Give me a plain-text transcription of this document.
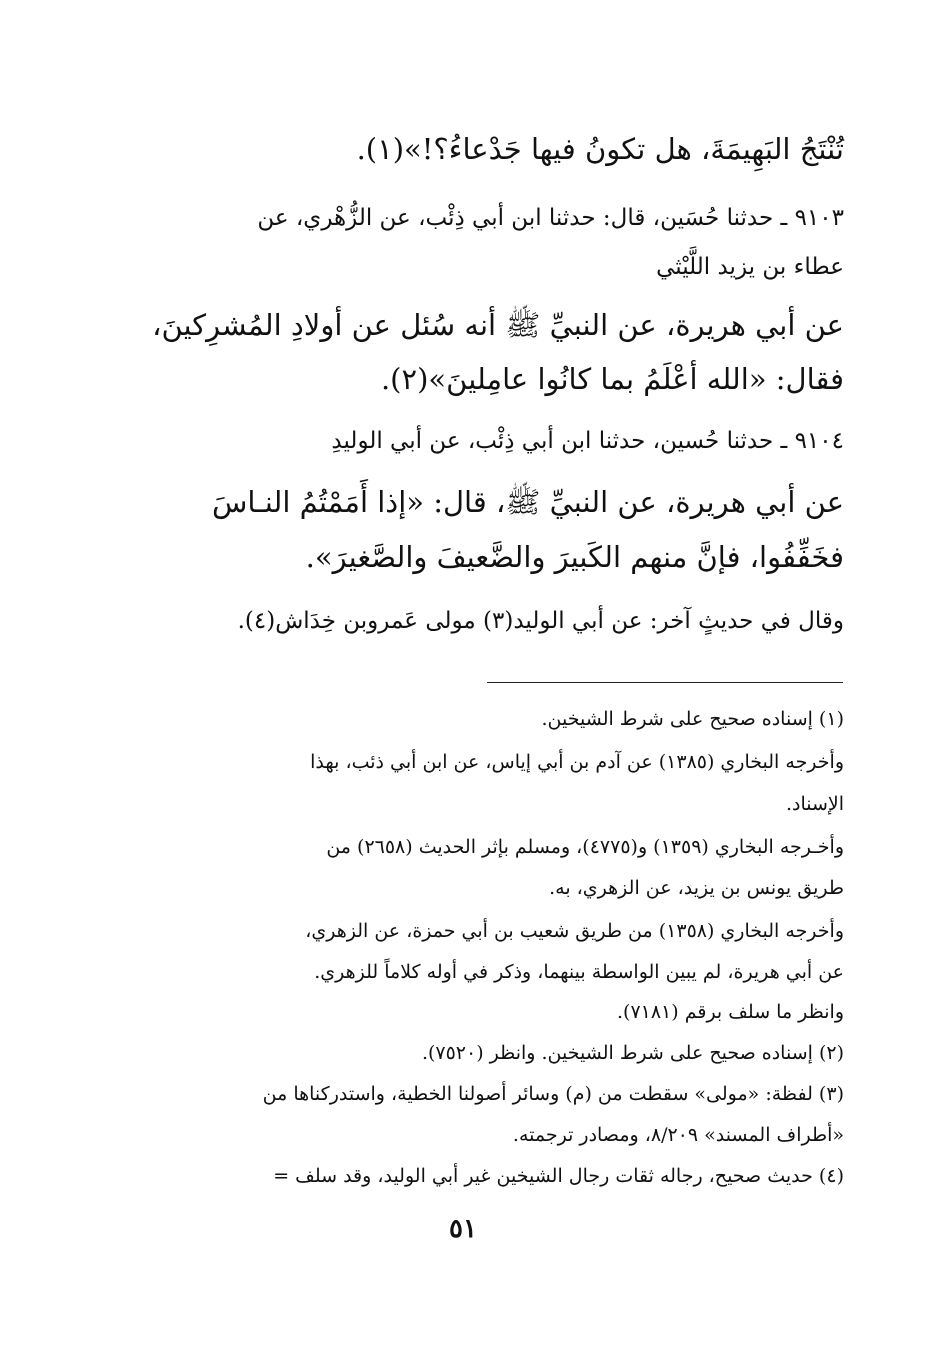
تُنْتَجُ البَهِيمَةَ، هل تكونُ فيها جَدْعاءُ؟!»(١).
٩١٠٣ ـ حدثنا حُسَين، قال: حدثنا ابن أبي ذِئْب، عن الزُّهْري، عن
عطاء بن يزيد اللَّيْثي
عن أبي هريرة، عن النبيِّ ﷺ أنه سُئل عن أولادِ المُشرِكينَ،
فقال: «الله أعْلَمُ بما كانُوا عامِلينَ»(٢).
٩١٠٤ ـ حدثنا حُسين، حدثنا ابن أبي ذِئْب، عن أبي الوليدِ
عن أبي هريرة، عن النبيِّ ﷺ، قال: «إذا أَمَمْتُمُ النـاسَ
فخَفِّفُوا، فإنَّ منهم الكَبيرَ والضَّعيفَ والصَّغيرَ».
وقال في حديثٍ آخر: عن أبي الوليد(٣) مولى عَمروبن خِدَاش(٤).
(١) إسناده صحيح على شرط الشيخين.
وأخرجه البخاري (١٣٨٥) عن آدم بن أبي إياس، عن ابن أبي ذئب، بهذا
الإسناد.
وأخـرجه البخاري (١٣٥٩) و(٤٧٧٥)، ومسلم بإثر الحديث (٢٦٥٨) من
طريق يونس بن يزيد، عن الزهري، به.
وأخرجه البخاري (١٣٥٨) من طريق شعيب بن أبي حمزة، عن الزهري،
عن أبي هريرة، لم يبين الواسطة بينهما، وذكر في أوله كلاماً للزهري.
وانظر ما سلف برقم (٧١٨١).
(٢) إسناده صحيح على شرط الشيخين. وانظر (٧٥٢٠).
(٣) لفظة: «مولى» سقطت من (م) وسائر أصولنا الخطية، واستدركناها من
«أطراف المسند» ٨/٢٠٩، ومصادر ترجمته.
(٤) حديث صحيح، رجاله ثقات رجال الشيخين غير أبي الوليد، وقد سلف =
٥١
